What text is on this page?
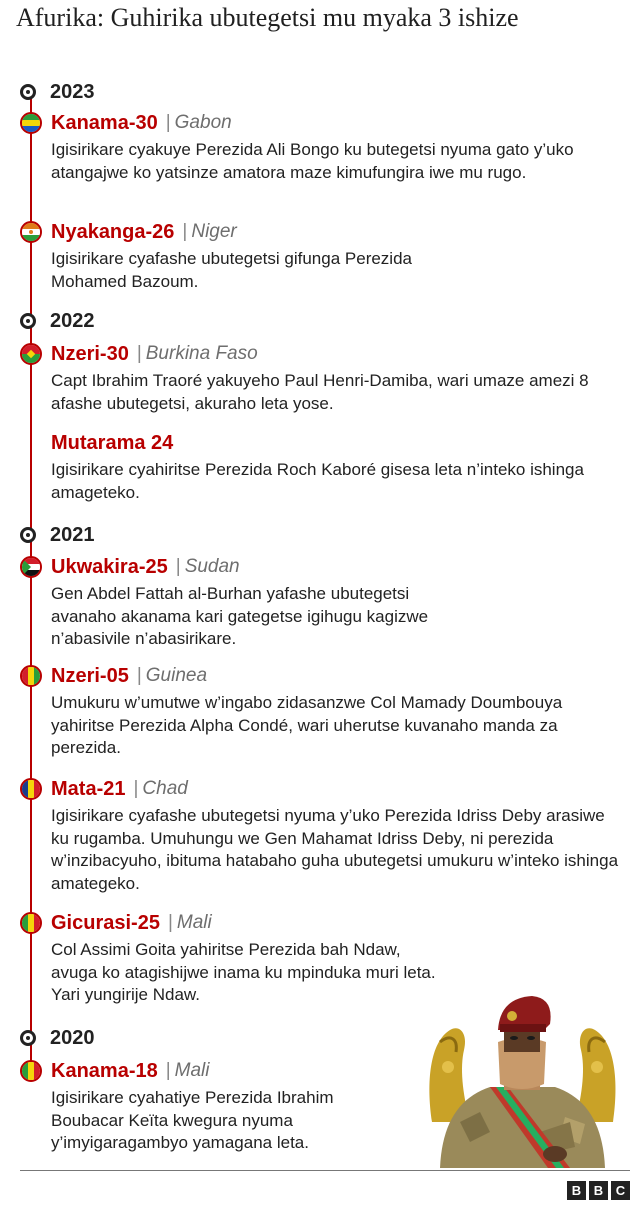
Afurika: Guhirika ubutegetsi mu myaka 3 ishize
2023
Kanama-30 | Gabon
Igisirikare cyakuye Perezida Ali Bongo ku butegetsi nyuma gato y’uko atangajwe ko yatsinze amatora maze kimufungira iwe mu rugo.
Nyakanga-26 | Niger
Igisirikare cyafashe ubutegetsi gifunga Perezida
Mohamed Bazoum.
2022
Nzeri-30 | Burkina Faso
Capt Ibrahim Traoré yakuyeho Paul Henri-Damiba, wari umaze amezi 8 afashe ubutegetsi, akuraho leta yose.
Mutarama 24
Igisirikare cyahiritse Perezida Roch Kaboré gisesa leta n’inteko ishinga amageteko.
2021
Ukwakira-25 | Sudan
Gen Abdel Fattah al-Burhan yafashe ubutegetsi
avanaho akanama kari gategetse igihugu kagizwe
n’abasivile n’abasirikare.
Nzeri-05 | Guinea
Umukuru w’umutwe w’ingabo zidasanzwe Col Mamady Doumbouya yahiritse Perezida Alpha Condé, wari uherutse kuvanaho manda za perezida.
Mata-21 | Chad
Igisirikare cyafashe ubutegetsi nyuma y’uko Perezida Idriss Deby arasiwe ku rugamba. Umuhungu we Gen Mahamat Idriss Deby, ni perezida w’inzibacyuho, ibituma hatabaho guha ubutegetsi umukuru w’inteko ishinga amategeko.
Gicurasi-25 | Mali
Col Assimi Goita yahiritse Perezida bah Ndaw, avuga ko atagishijwe inama ku mpinduka muri leta.
Yari yungirije Ndaw.
2020
Kanama-18 | Mali
Igisirikare cyahatiye Perezida Ibrahim
Boubacar Keïta kwegura nyuma
y’imyigaragambyo yamagana leta.
B B C
